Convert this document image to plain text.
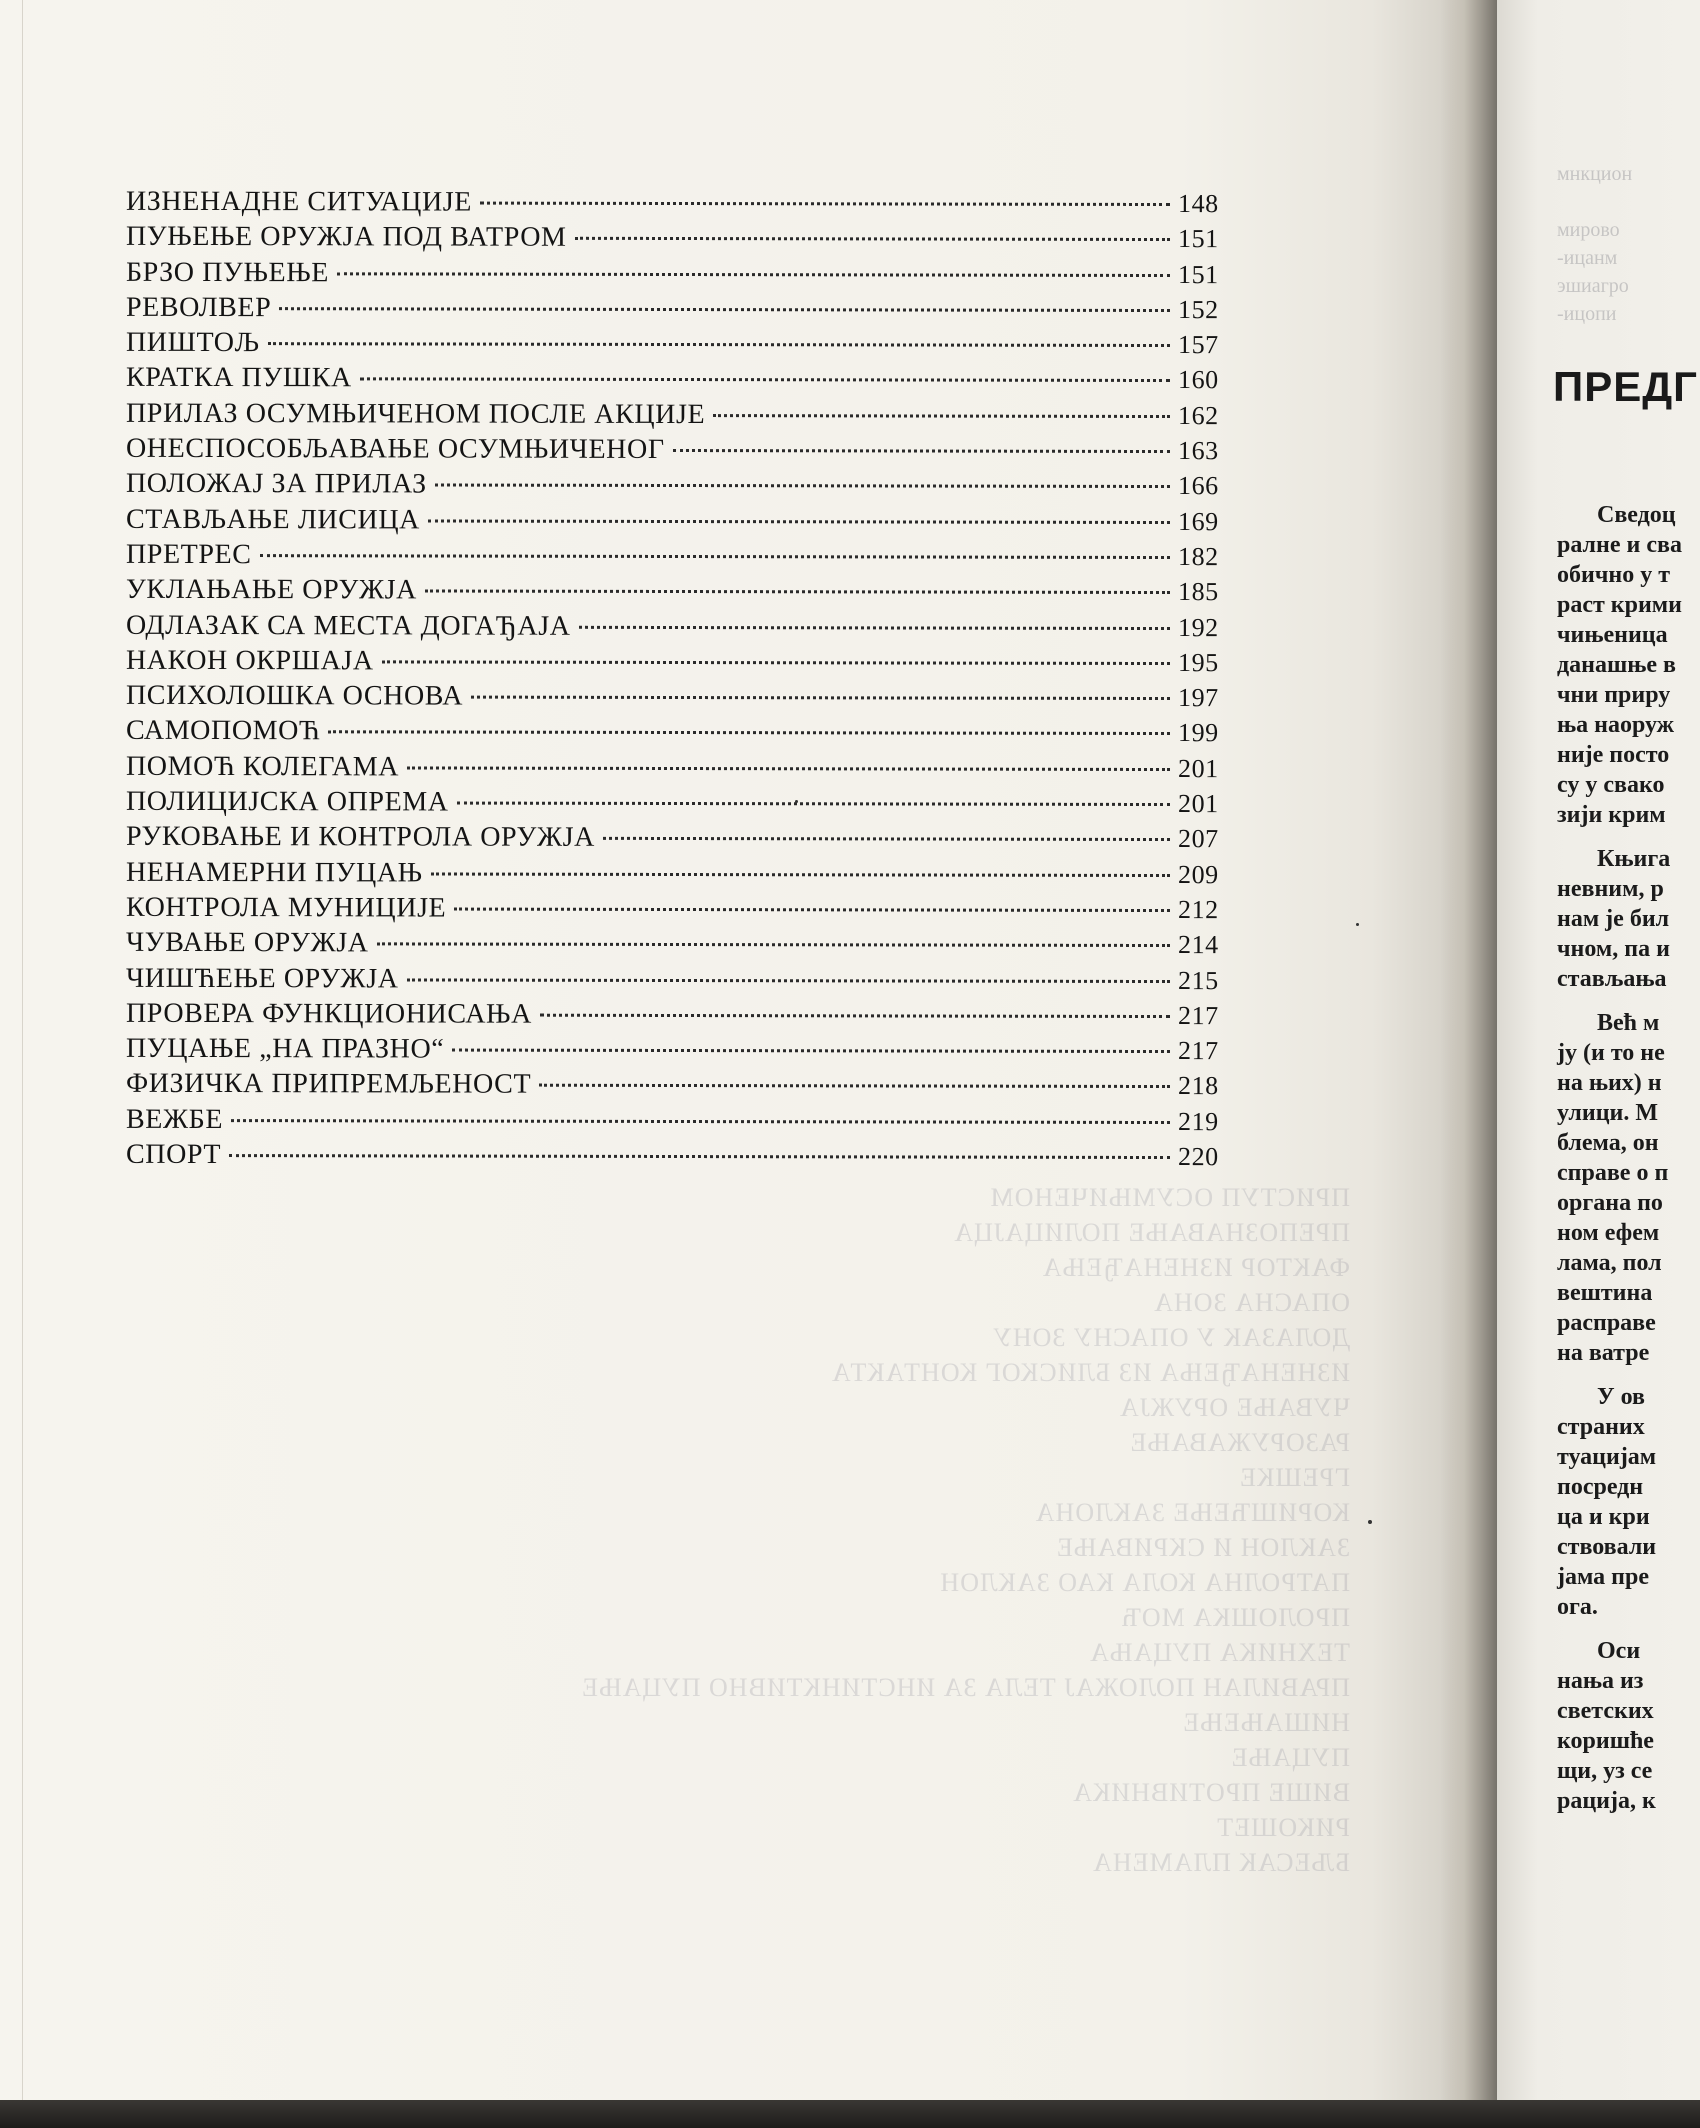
ПРИСТУП ОСУМЊИЧЕНОМ
ПРЕПОЗНАВАЊЕ ПОЛИЦАЈЦА
ФАКТОР ИЗНЕНАЂЕЊА
ОПАСНА ЗОНА
ДОЛАЗАК У ОПАСНУ ЗОНУ
ИЗНЕНАЂЕЊА ИЗ БЛИСКОГ КОНТАКТА
ЧУВАЊЕ ОРУЖЈА
РАЗОРУЖАВАЊЕ
ГРЕШКЕ
КОРИШЋЕЊЕ ЗАКЛОНА
ЗАКЛОН И СКРИВАЊЕ
ПАТРОЛНА КОЛА КАО ЗАКЛОН
ПРОЛОШКА МОЋ
ТЕХНИКА ПУЦАЊА
ПРАВИЛАН ПОЛОЖАЈ ТЕЛА ЗА ИНСТИНКТИВНО ПУЦАЊЕ
НИШАЊЕЊЕ
ПУЦАЊЕ
ВИШЕ ПРОТИВНИКА
РИКОШЕТ
БЉЕСАК ПЛАМЕНА
ИЗНЕНАДНЕ СИТУАЦИЈЕ	148
ПУЊЕЊЕ ОРУЖЈА ПОД ВАТРОМ	151
БРЗО ПУЊЕЊЕ	151
РЕВОЛВЕР	152
ПИШТОЉ	157
КРАТКА ПУШКА	160
ПРИЛАЗ ОСУМЊИЧЕНОМ ПОСЛЕ АКЦИЈЕ	162
ОНЕСПОСОБЉАВАЊЕ ОСУМЊИЧЕНОГ	163
ПОЛОЖАЈ ЗА ПРИЛАЗ	166
СТАВЉАЊЕ ЛИСИЦА	169
ПРЕТРЕС	182
УКЛАЊАЊЕ ОРУЖЈА	185
ОДЛАЗАК СА МЕСТА ДОГАЂАЈА	192
НАКОН ОКРШАЈА	195
ПСИХОЛОШКА ОСНОВА	197
САМОПОМОЋ	199
ПОМОЋ КОЛЕГАМА	201
ПОЛИЦИЈСКА ОПРЕМА	201
РУКОВАЊЕ И КОНТРОЛА ОРУЖЈА	207
НЕНАМЕРНИ ПУЦАЊ	209
КОНТРОЛА МУНИЦИЈЕ	212
ЧУВАЊЕ ОРУЖЈА	214
ЧИШЋЕЊЕ ОРУЖЈА	215
ПРОВЕРА ФУНКЦИОНИСАЊА	217
ПУЦАЊЕ „НА ПРАЗНО“	217
ФИЗИЧКА ПРИПРЕМЉЕНОСТ	218
ВЕЖБЕ	219
СПОРТ	220
мнкцион

мирово
-ицанм
эшиагро
-ицопи
ПРЕДГ
Сведоц
ралне и сва
обично у т
раст крими
чињеница
данашње в
чни приру
ња наоруж
није посто
су у свако
зији крим
Књига
невним, р
нам је бил
чном, па и
стављања
Већ м
ју (и то не
на њих) н
улици. М
блема, он
справе о п
органа по
ном ефем
лама, пол
вештина
расправе
на ватре
У ов
страних
туацијам
посредн
ца и кри
ствовали
јама пре
ога.
Оси
нања из
светских
коришће
щи, уз се
рација, к
